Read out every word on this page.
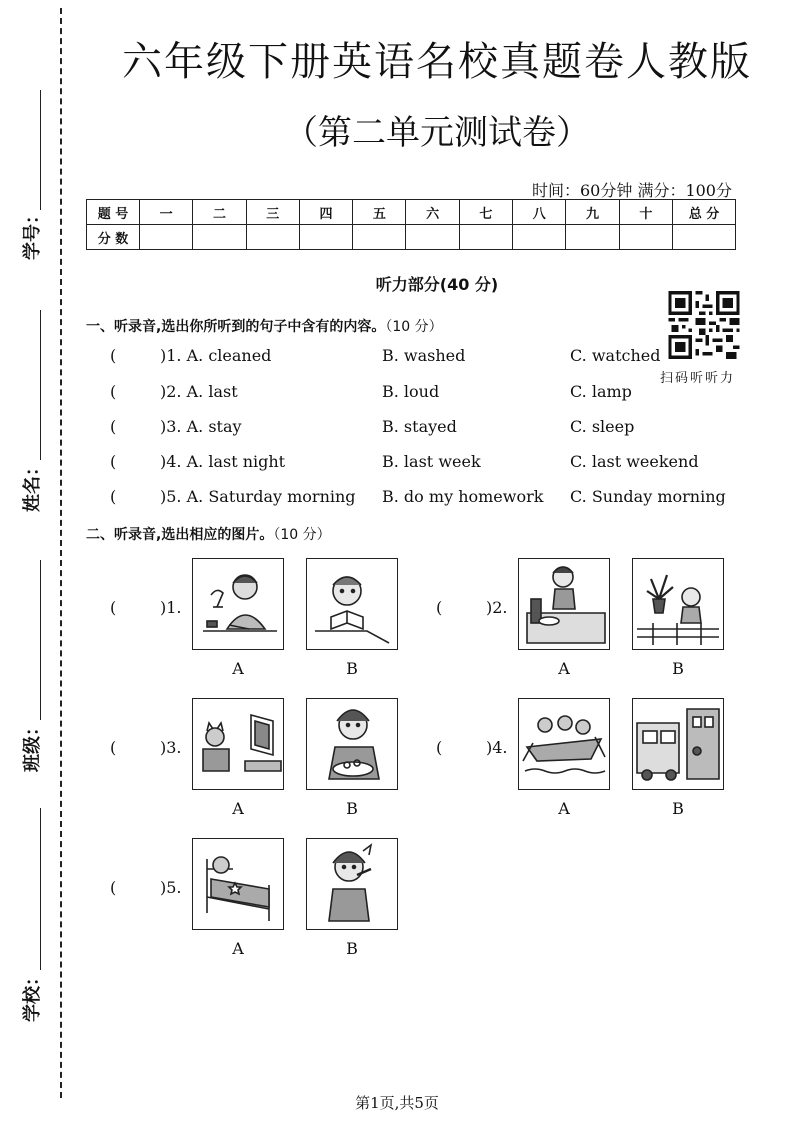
学号：
姓名：
班级：
学校：
六年级下册英语名校真题卷人教版
（第二单元测试卷）
时间：60分钟 满分：100分
题 号	一	二	三	四	五	六	七	八	九	十	总 分
分 数											
听力部分(40 分)
扫码听听力
一、听录音,选出你所听到的句子中含有的内容。（10 分）
(	)1. A. cleaned	B. washed	C. watched
(	)2. A. last	B. loud	C. lamp
(	)3. A. stay	B. stayed	C. sleep
(	)4. A. last night	B. last week	C. last weekend
(	)5. A. Saturday morning B. do my homework C. Sunday morning
二、听录音,选出相应的图片。（10 分）
(	)1.
A	B
(	)2.
A	B
(	)3.
A	B
(	)4.
A	B
(	)5.
A	B
第1页,共5页
